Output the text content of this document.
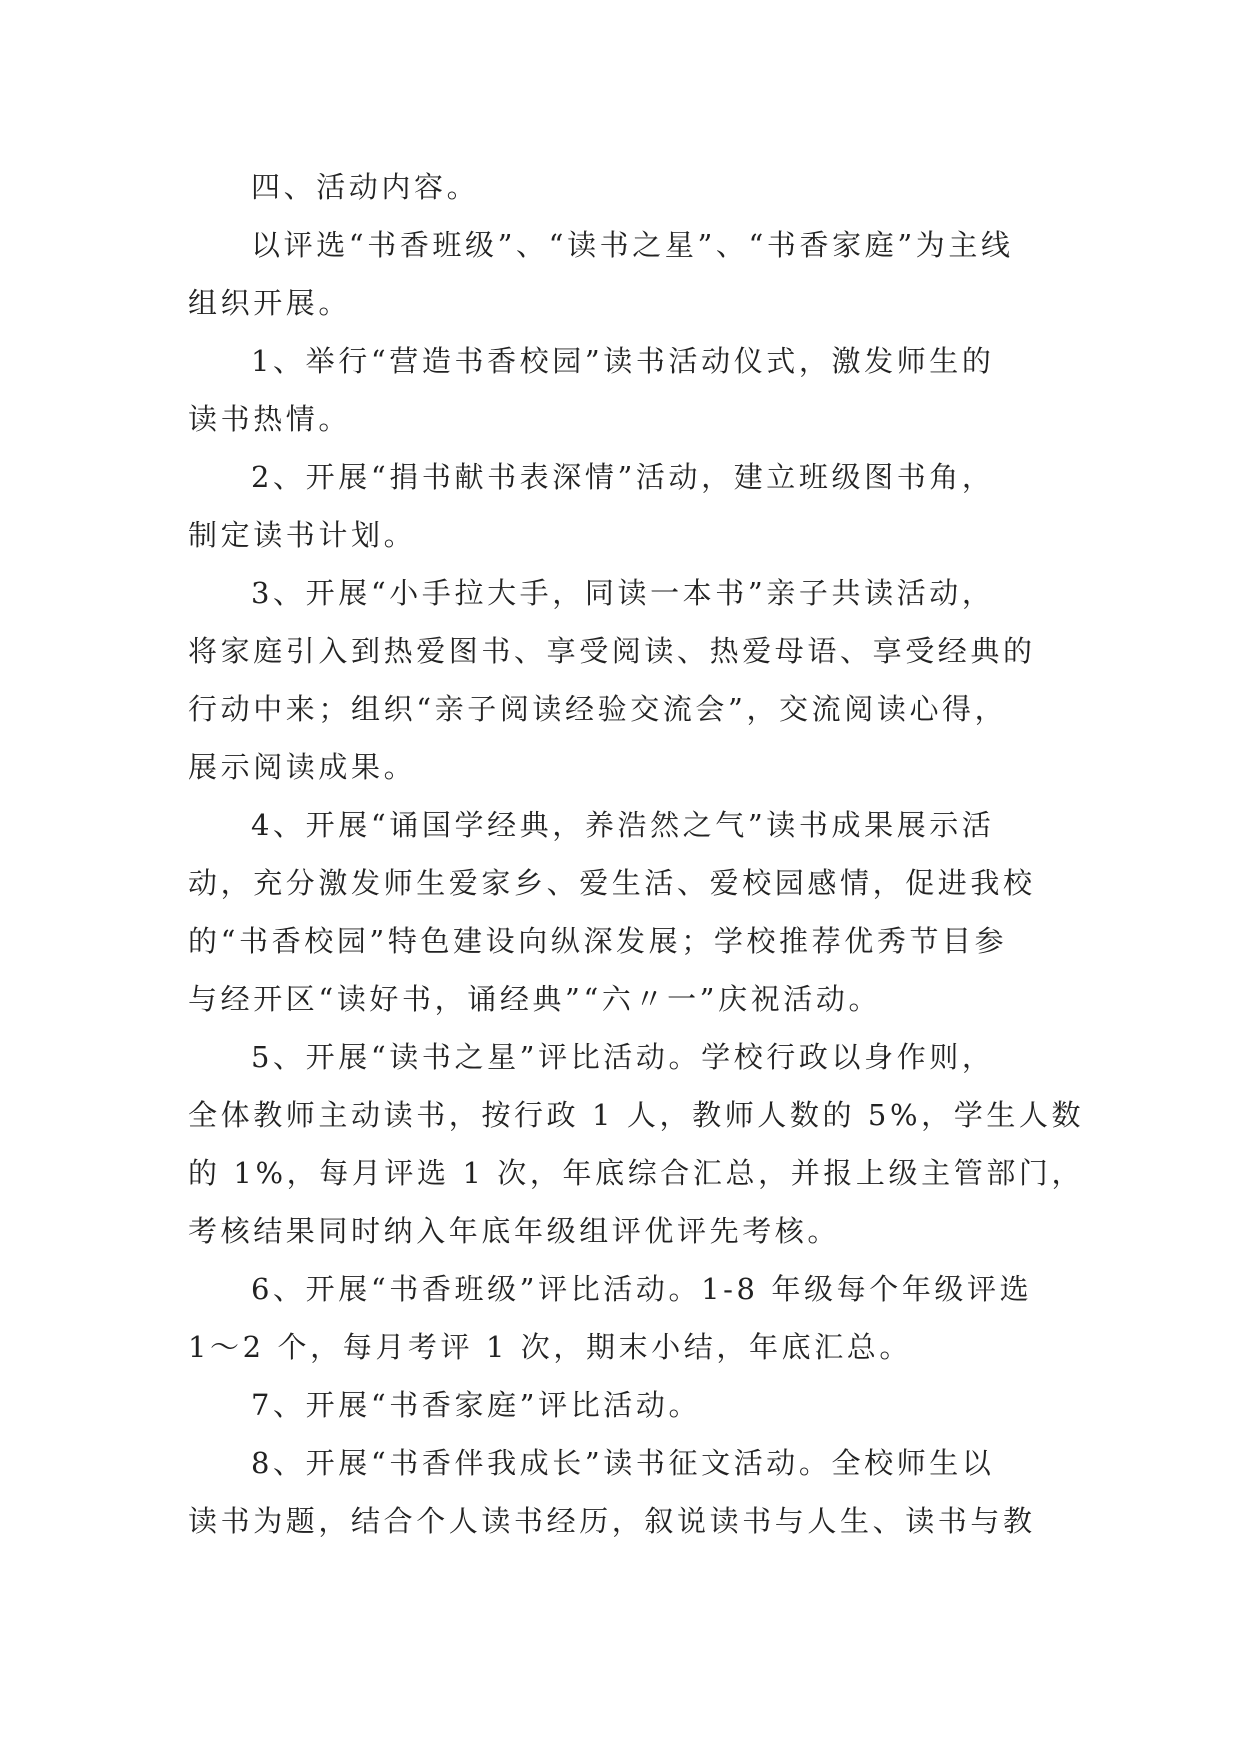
四、活动内容。
以评选“书香班级”、“读书之星”、“书香家庭”为主线
组织开展。
1、举行“营造书香校园”读书活动仪式，激发师生的
读书热情。
2、开展“捐书献书表深情”活动，建立班级图书角，
制定读书计划。
3、开展“小手拉大手，同读一本书”亲子共读活动，
将家庭引入到热爱图书、享受阅读、热爱母语、享受经典的
行动中来；组织“亲子阅读经验交流会”，交流阅读心得，
展示阅读成果。
4、开展“诵国学经典，养浩然之气”读书成果展示活
动，充分激发师生爱家乡、爱生活、爱校园感情，促进我校
的“书香校园”特色建设向纵深发展；学校推荐优秀节目参
与经开区“读好书，诵经典”“六〃一”庆祝活动。
5、开展“读书之星”评比活动。学校行政以身作则，
全体教师主动读书，按行政 1 人，教师人数的 5%，学生人数
的 1%，每月评选 1 次，年底综合汇总，并报上级主管部门，
考核结果同时纳入年底年级组评优评先考核。
6、开展“书香班级”评比活动。1-8 年级每个年级评选
1～2 个，每月考评 1 次，期末小结，年底汇总。
7、开展“书香家庭”评比活动。
8、开展“书香伴我成长”读书征文活动。全校师生以
读书为题，结合个人读书经历，叙说读书与人生、读书与教
